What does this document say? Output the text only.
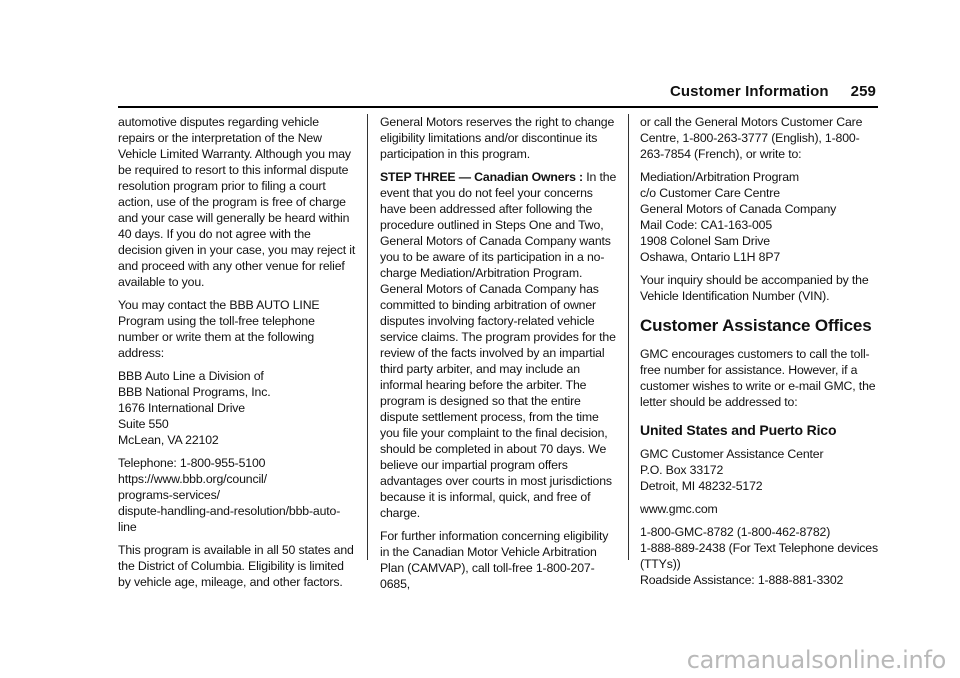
Customer Information 259

automotive disputes regarding vehicle repairs or the interpretation of the New Vehicle Limited Warranty. Although you may be required to resort to this informal dispute resolution program prior to filing a court action, use of the program is free of charge and your case will generally be heard within 40 days. If you do not agree with the decision given in your case, you may reject it and proceed with any other venue for relief available to you.

You may contact the BBB AUTO LINE Program using the toll-free telephone number or write them at the following address:

BBB Auto Line a Division of
BBB National Programs, Inc.
1676 International Drive
Suite 550
McLean, VA 22102

Telephone: 1-800-955-5100
https://www.bbb.org/council/
programs-services/
dispute-handling-and-resolution/bbb-auto-line

This program is available in all 50 states and the District of Columbia. Eligibility is limited by vehicle age, mileage, and other factors.

General Motors reserves the right to change eligibility limitations and/or discontinue its participation in this program.

STEP THREE — Canadian Owners : In the event that you do not feel your concerns have been addressed after following the procedure outlined in Steps One and Two, General Motors of Canada Company wants you to be aware of its participation in a no-charge Mediation/Arbitration Program. General Motors of Canada Company has committed to binding arbitration of owner disputes involving factory-related vehicle service claims. The program provides for the review of the facts involved by an impartial third party arbiter, and may include an informal hearing before the arbiter. The program is designed so that the entire dispute settlement process, from the time you file your complaint to the final decision, should be completed in about 70 days. We believe our impartial program offers advantages over courts in most jurisdictions because it is informal, quick, and free of charge.

For further information concerning eligibility in the Canadian Motor Vehicle Arbitration Plan (CAMVAP), call toll-free 1-800-207-0685,

or call the General Motors Customer Care Centre, 1-800-263-3777 (English), 1-800-263-7854 (French), or write to:

Mediation/Arbitration Program
c/o Customer Care Centre
General Motors of Canada Company
Mail Code: CA1-163-005
1908 Colonel Sam Drive
Oshawa, Ontario L1H 8P7

Your inquiry should be accompanied by the Vehicle Identification Number (VIN).

Customer Assistance Offices

GMC encourages customers to call the toll-free number for assistance. However, if a customer wishes to write or e-mail GMC, the letter should be addressed to:

United States and Puerto Rico

GMC Customer Assistance Center
P.O. Box 33172
Detroit, MI 48232-5172

www.gmc.com

1-800-GMC-8782 (1-800-462-8782)
1-888-889-2438 (For Text Telephone devices (TTYs))
Roadside Assistance: 1-888-881-3302

carmanualsonline.info
